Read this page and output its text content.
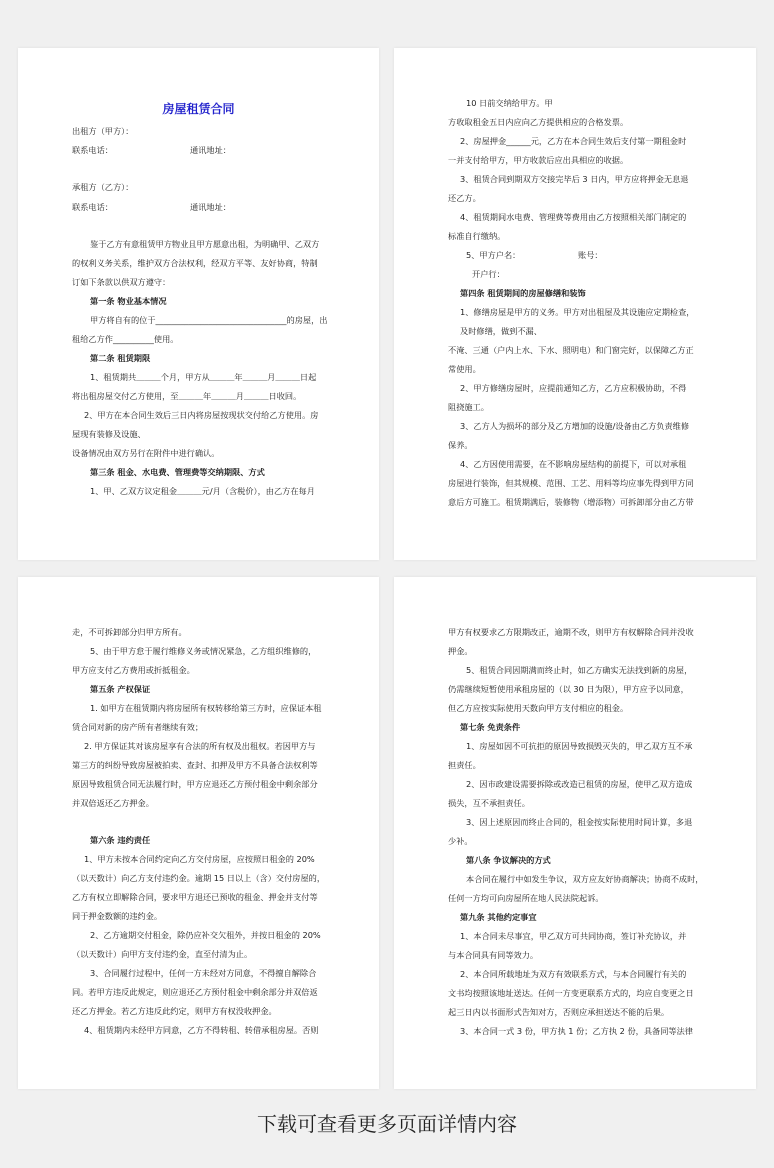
房屋租赁合同
出租方（甲方）：
联系电话：	通讯地址：
承租方（乙方）：
联系电话：	通讯地址：
鉴于乙方有意租赁甲方物业且甲方愿意出租，为明确甲、乙双方
的权利义务关系，维护双方合法权利，经双方平等、友好协商，特制
订如下条款以供双方遵守：
第一条 物业基本情况
甲方将自有的位于________________________________的房屋，出
租给乙方作__________使用。
第二条 租赁期限
1、租赁期共＿＿＿个月，甲方从＿＿＿年＿＿＿月＿＿＿日起
将出租房屋交付乙方使用，至＿＿＿年＿＿＿月＿＿＿日收回。
2、甲方在本合同生效后三日内将房屋按现状交付给乙方使用。房
屋现有装修及设施、
设备情况由双方另行在附件中进行确认。
第三条 租金、水电费、管理费等交纳期限、方式
1、甲、乙双方议定租金＿＿＿元/月（含税价），由乙方在每月
10 日前交纳给甲方。甲
方收取租金五日内应向乙方提供相应的合格发票。
2、房屋押金______元，乙方在本合同生效后支付第一期租金时
一并支付给甲方，甲方收款后应出具相应的收据。
3、租赁合同到期双方交接完毕后 3 日内，甲方应将押金无息退
还乙方。
4、租赁期间水电费、管理费等费用由乙方按照相关部门制定的
标准自行缴纳。
5、甲方户名：	账号：
开户行：
第四条 租赁期间的房屋修缮和装饰
1、修缮房屋是甲方的义务。甲方对出租屋及其设施应定期检查，
及时修缮，做到不漏、
不淹、三通（户内上水、下水、照明电）和门窗完好，以保障乙方正
常使用。
2、甲方修缮房屋时，应提前通知乙方，乙方应积极协助，不得
阻挠施工。
3、乙方人为损坏的部分及乙方增加的设施/设备由乙方负责维修
保养。
4、乙方因使用需要，在不影响房屋结构的前提下，可以对承租
房屋进行装饰，但其规模、范围、工艺、用料等均应事先得到甲方同
意后方可施工。租赁期满后，装修物（增添物）可拆卸部分由乙方带
走，不可拆卸部分归甲方所有。
5、由于甲方怠于履行维修义务或情况紧急，乙方组织维修的，
甲方应支付乙方费用或折抵租金。
第五条 产权保证
1. 如甲方在租赁期内将房屋所有权转移给第三方时，应保证本租
赁合同对新的房产所有者继续有效；
2. 甲方保证其对该房屋享有合法的所有权及出租权。若因甲方与
第三方的纠纷导致房屋被拍卖、查封、扣押及甲方不具备合法权利等
原因导致租赁合同无法履行时，甲方应退还乙方预付租金中剩余部分
并双倍返还乙方押金。
第六条 违约责任
1、甲方未按本合同约定向乙方交付房屋，应按照日租金的 20%
（以天数计）向乙方支付违约金。逾期 15 日以上（含）交付房屋的，
乙方有权立即解除合同，要求甲方退还已预收的租金、押金并支付等
同于押金数额的违约金。
2、乙方逾期交付租金，除仍应补交欠租外，并按日租金的 20%
（以天数计）向甲方支付违约金，直至付清为止。
3、合同履行过程中，任何一方未经对方同意，不得擅自解除合
同。若甲方违反此规定，则应退还乙方预付租金中剩余部分并双倍返
还乙方押金。若乙方违反此约定，则甲方有权没收押金。
4、租赁期内未经甲方同意，乙方不得转租、转借承租房屋。否则
甲方有权要求乙方限期改正，逾期不改，则甲方有权解除合同并没收
押金。
5、租赁合同因期满而终止时，如乙方确实无法找到新的房屋，
仍需继续短暂使用承租房屋的（以 30 日为限），甲方应予以同意，
但乙方应按实际使用天数向甲方支付相应的租金。
第七条 免责条件
1、房屋如因不可抗拒的原因导致损毁灭失的，甲乙双方互不承
担责任。
2、因市政建设需要拆除或改造已租赁的房屋，使甲乙双方造成
损失，互不承担责任。
3、因上述原因而终止合同的，租金按实际使用时间计算，多退
少补。
第八条 争议解决的方式
本合同在履行中如发生争议，双方应友好协商解决；协商不成时，
任何一方均可向房屋所在地人民法院起诉。
第九条 其他约定事宜
1、本合同未尽事宜，甲乙双方可共同协商，签订补充协议，并
与本合同具有同等效力。
2、本合同所载地址为双方有效联系方式，与本合同履行有关的
文书均按照该地址送达。任何一方变更联系方式的，均应自变更之日
起三日内以书面形式告知对方，否则应承担送达不能的后果。
3、本合同一式 3 份，甲方执 1 份；乙方执 2 份，具备同等法律
下载可查看更多页面详情内容
